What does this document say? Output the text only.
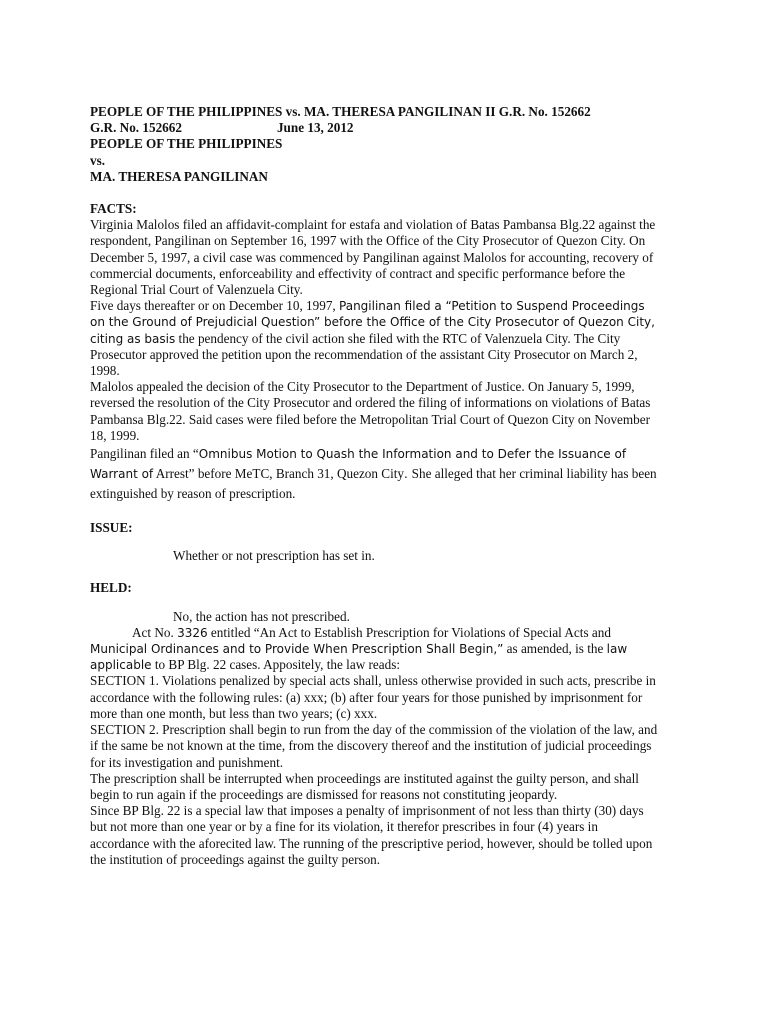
PEOPLE OF THE PHILIPPINES vs. MA. THERESA PANGILINAN II G.R. No. 152662
G.R. No. 152662	June 13, 2012
PEOPLE OF THE PHILIPPINES
vs.
MA. THERESA PANGILINAN
FACTS:

Virginia Malolos filed an affidavit-complaint for estafa and violation of Batas Pambansa Blg.22 against the respondent, Pangilinan on September 16, 1997 with the Office of the City Prosecutor of Quezon City. On December 5, 1997, a civil case was commenced by Pangilinan against Malolos for accounting, recovery of commercial documents, enforceability and effectivity of contract and specific performance before the Regional Trial Court of Valenzuela City.

Five days thereafter or on December 10, 1997, Pangilinan filed a “Petition to Suspend Proceedings on the Ground of Prejudicial Question” before the Office of the City Prosecutor of Quezon City, citing as basis the pendency of the civil action she filed with the RTC of Valenzuela City. The City Prosecutor approved the petition upon the recommendation of the assistant City Prosecutor on March 2, 1998.

Malolos appealed the decision of the City Prosecutor to the Department of Justice. On January 5, 1999, reversed the resolution of the City Prosecutor and ordered the filing of informations on violations of Batas Pambansa Blg.22. Said cases were filed before the Metropolitan Trial Court of Quezon City on November 18, 1999.

Pangilinan filed an “Omnibus Motion to Quash the Information and to Defer the Issuance of Warrant of Arrest” before MeTC, Branch 31, Quezon City. She alleged that her criminal liability has been extinguished by reason of prescription.

ISSUE:
Whether or not prescription has set in.
HELD:
No, the action has not prescribed.

Act No. 3326 entitled “An Act to Establish Prescription for Violations of Special Acts and Municipal Ordinances and to Provide When Prescription Shall Begin,” as amended, is the law applicable to BP Blg. 22 cases. Appositely, the law reads:

SECTION 1. Violations penalized by special acts shall, unless otherwise provided in such acts, prescribe in accordance with the following rules: (a) xxx; (b) after four years for those punished by imprisonment for more than one month, but less than two years; (c) xxx.

SECTION 2. Prescription shall begin to run from the day of the commission of the violation of the law, and if the same be not known at the time, from the discovery thereof and the institution of judicial proceedings for its investigation and punishment.

The prescription shall be interrupted when proceedings are instituted against the guilty person, and shall begin to run again if the proceedings are dismissed for reasons not constituting jeopardy.

Since BP Blg. 22 is a special law that imposes a penalty of imprisonment of not less than thirty (30) days but not more than one year or by a fine for its violation, it therefor prescribes in four (4) years in accordance with the aforecited law. The running of the prescriptive period, however, should be tolled upon the institution of proceedings against the guilty person.
